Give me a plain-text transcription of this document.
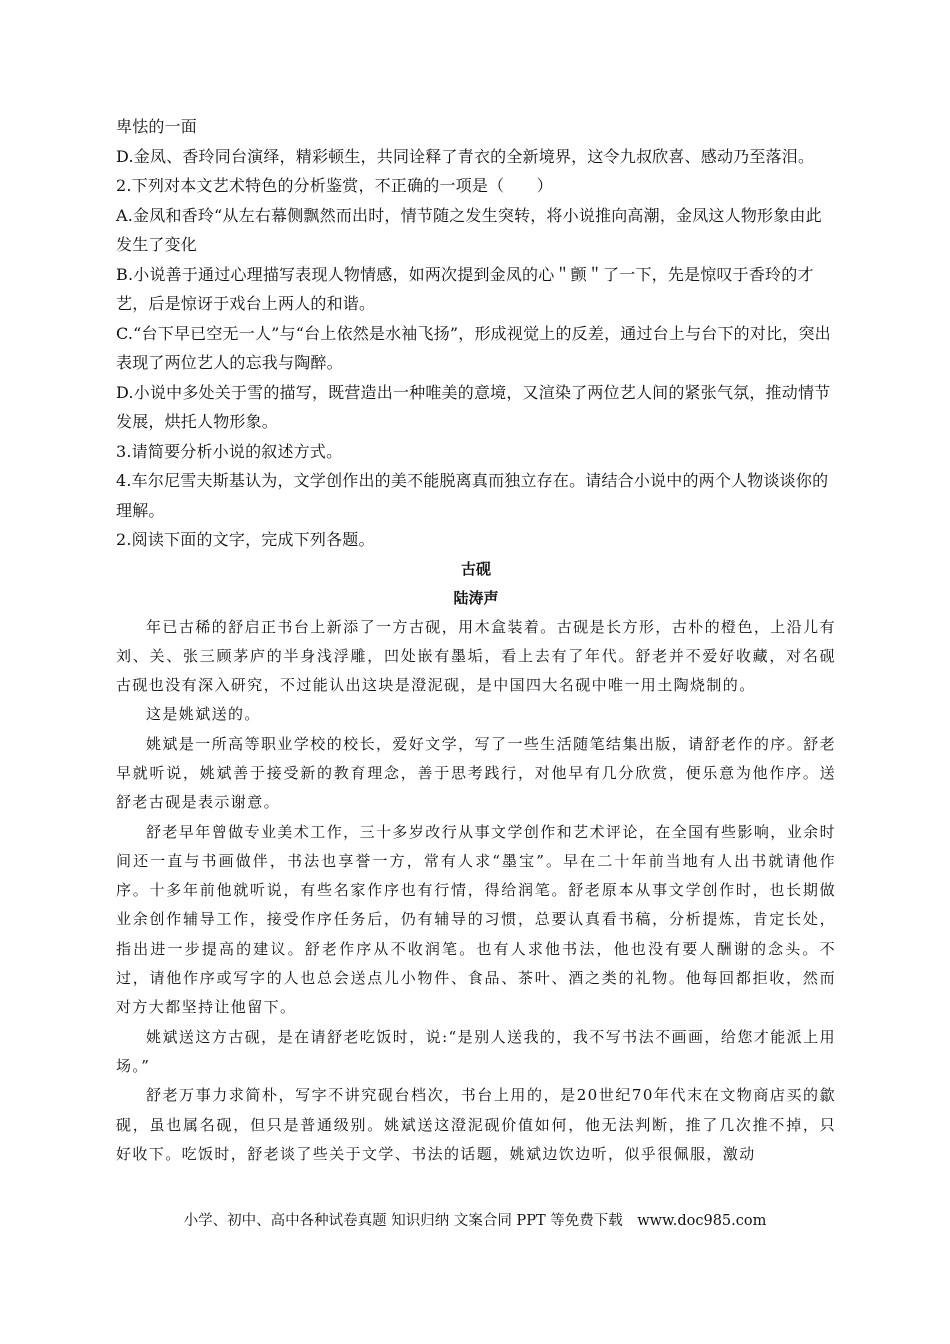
卑怯的一面

D.金凤、香玲同台演绎，精彩顿生，共同诠释了青衣的全新境界，这令九叔欣喜、感动乃至落泪。

2.下列对本文艺术特色的分析鉴赏，不正确的一项是（　　）

A.金凤和香玲“从左右幕侧飘然而出时，情节随之发生突转，将小说推向高潮，金凤这人物形象由此发生了变化

B.小说善于通过心理描写表现人物情感，如两次提到金凤的心＂颤＂了一下，先是惊叹于香玲的才艺，后是惊讶于戏台上两人的和谐。

C.“台下早已空无一人”与“台上依然是水袖飞扬”，形成视觉上的反差，通过台上与台下的对比，突出表现了两位艺人的忘我与陶醉。

D.小说中多处关于雪的描写，既营造出一种唯美的意境，又渲染了两位艺人间的紧张气氛，推动情节发展，烘托人物形象。

3.请简要分析小说的叙述方式。

4.车尔尼雪夫斯基认为，文学创作出的美不能脱离真而独立存在。请结合小说中的两个人物谈谈你的理解。

2.阅读下面的文字，完成下列各题。

古砚

陆涛声

年已古稀的舒启正书台上新添了一方古砚，用木盒装着。古砚是长方形，古朴的橙色，上沿儿有刘、关、张三顾茅庐的半身浅浮雕，凹处嵌有墨垢，看上去有了年代。舒老并不爱好收藏，对名砚古砚也没有深入研究，不过能认出这块是澄泥砚，是中国四大名砚中唯一用土陶烧制的。

这是姚斌送的。

姚斌是一所高等职业学校的校长，爱好文学，写了一些生活随笔结集出版，请舒老作的序。舒老早就听说，姚斌善于接受新的教育理念，善于思考践行，对他早有几分欣赏，便乐意为他作序。送舒老古砚是表示谢意。

舒老早年曾做专业美术工作，三十多岁改行从事文学创作和艺术评论，在全国有些影响，业余时间还一直与书画做伴，书法也享誉一方，常有人求“墨宝”。早在二十年前当地有人出书就请他作序。十多年前他就听说，有些名家作序也有行情，得给润笔。舒老原本从事文学创作时，也长期做业余创作辅导工作，接受作序任务后，仍有辅导的习惯，总要认真看书稿，分析提炼，肯定长处，指出进一步提高的建议。舒老作序从不收润笔。也有人求他书法，他也没有要人酬谢的念头。不过，请他作序或写字的人也总会送点儿小物件、食品、茶叶、酒之类的礼物。他每回都拒收，然而对方大都坚持让他留下。

姚斌送这方古砚，是在请舒老吃饭时，说:“是别人送我的，我不写书法不画画，给您才能派上用场。”

舒老万事力求简朴，写字不讲究砚台档次，书台上用的，是20世纪70年代末在文物商店买的歙砚，虽也属名砚，但只是普通级别。姚斌送这澄泥砚价值如何，他无法判断，推了几次推不掉，只好收下。吃饭时，舒老谈了些关于文学、书法的话题，姚斌边饮边听，似乎很佩服，激动

小学、初中、高中各种试卷真题 知识归纳 文案合同 PPT 等免费下载　www.doc985.com
